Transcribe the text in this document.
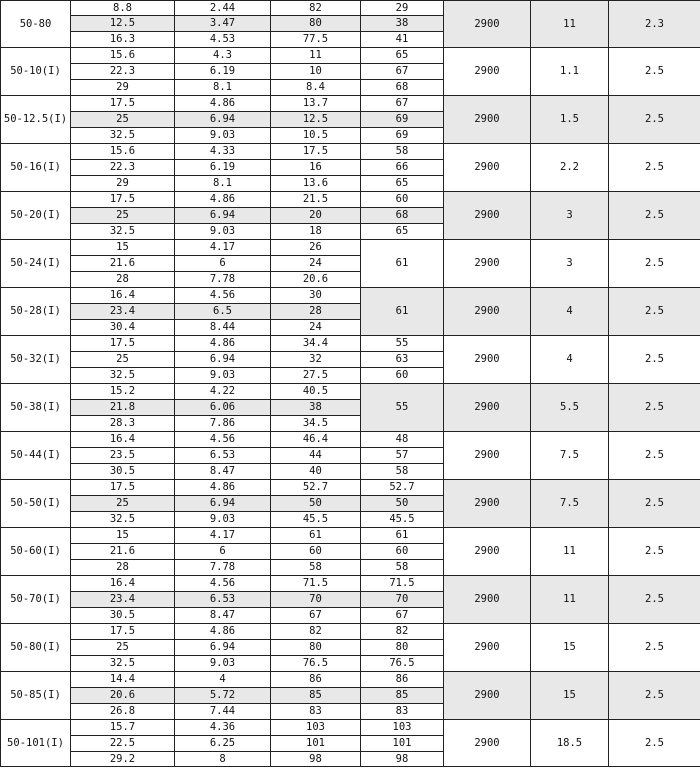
50-80	8.8	2.44	82	29	2900	11	2.3
	12.5	3.47	80	38			
	16.3	4.53	77.5	41			
50-10(I)	15.6	4.3	11	65	2900	1.1	2.5
	22.3	6.19	10	67			
	29	8.1	8.4	68			
50-12.5(I)	17.5	4.86	13.7	67	2900	1.5	2.5
	25	6.94	12.5	69			
	32.5	9.03	10.5	69			
50-16(I)	15.6	4.33	17.5	58	2900	2.2	2.5
	22.3	6.19	16	66			
	29	8.1	13.6	65			
50-20(I)	17.5	4.86	21.5	60	2900	3	2.5
	25	6.94	20	68			
	32.5	9.03	18	65			
50-24(I)	15	4.17	26	61	2900	3	2.5
	21.6	6	24				
	28	7.78	20.6				
50-28(I)	16.4	4.56	30	61	2900	4	2.5
	23.4	6.5	28				
	30.4	8.44	24				
50-32(I)	17.5	4.86	34.4	55	2900	4	2.5
	25	6.94	32	63			
	32.5	9.03	27.5	60			
50-38(I)	15.2	4.22	40.5	55	2900	5.5	2.5
	21.8	6.06	38				
	28.3	7.86	34.5				
50-44(I)	16.4	4.56	46.4	48	2900	7.5	2.5
	23.5	6.53	44	57			
	30.5	8.47	40	58			
50-50(I)	17.5	4.86	52.7	52.7	2900	7.5	2.5
	25	6.94	50	50			
	32.5	9.03	45.5	45.5			
50-60(I)	15	4.17	61	61	2900	11	2.5
	21.6	6	60	60			
	28	7.78	58	58			
50-70(I)	16.4	4.56	71.5	71.5	2900	11	2.5
	23.4	6.53	70	70			
	30.5	8.47	67	67			
50-80(I)	17.5	4.86	82	82	2900	15	2.5
	25	6.94	80	80			
	32.5	9.03	76.5	76.5			
50-85(I)	14.4	4	86	86	2900	15	2.5
	20.6	5.72	85	85			
	26.8	7.44	83	83			
50-101(I)	15.7	4.36	103	103	2900	18.5	2.5
	22.5	6.25	101	101			
	29.2	8	98	98			
